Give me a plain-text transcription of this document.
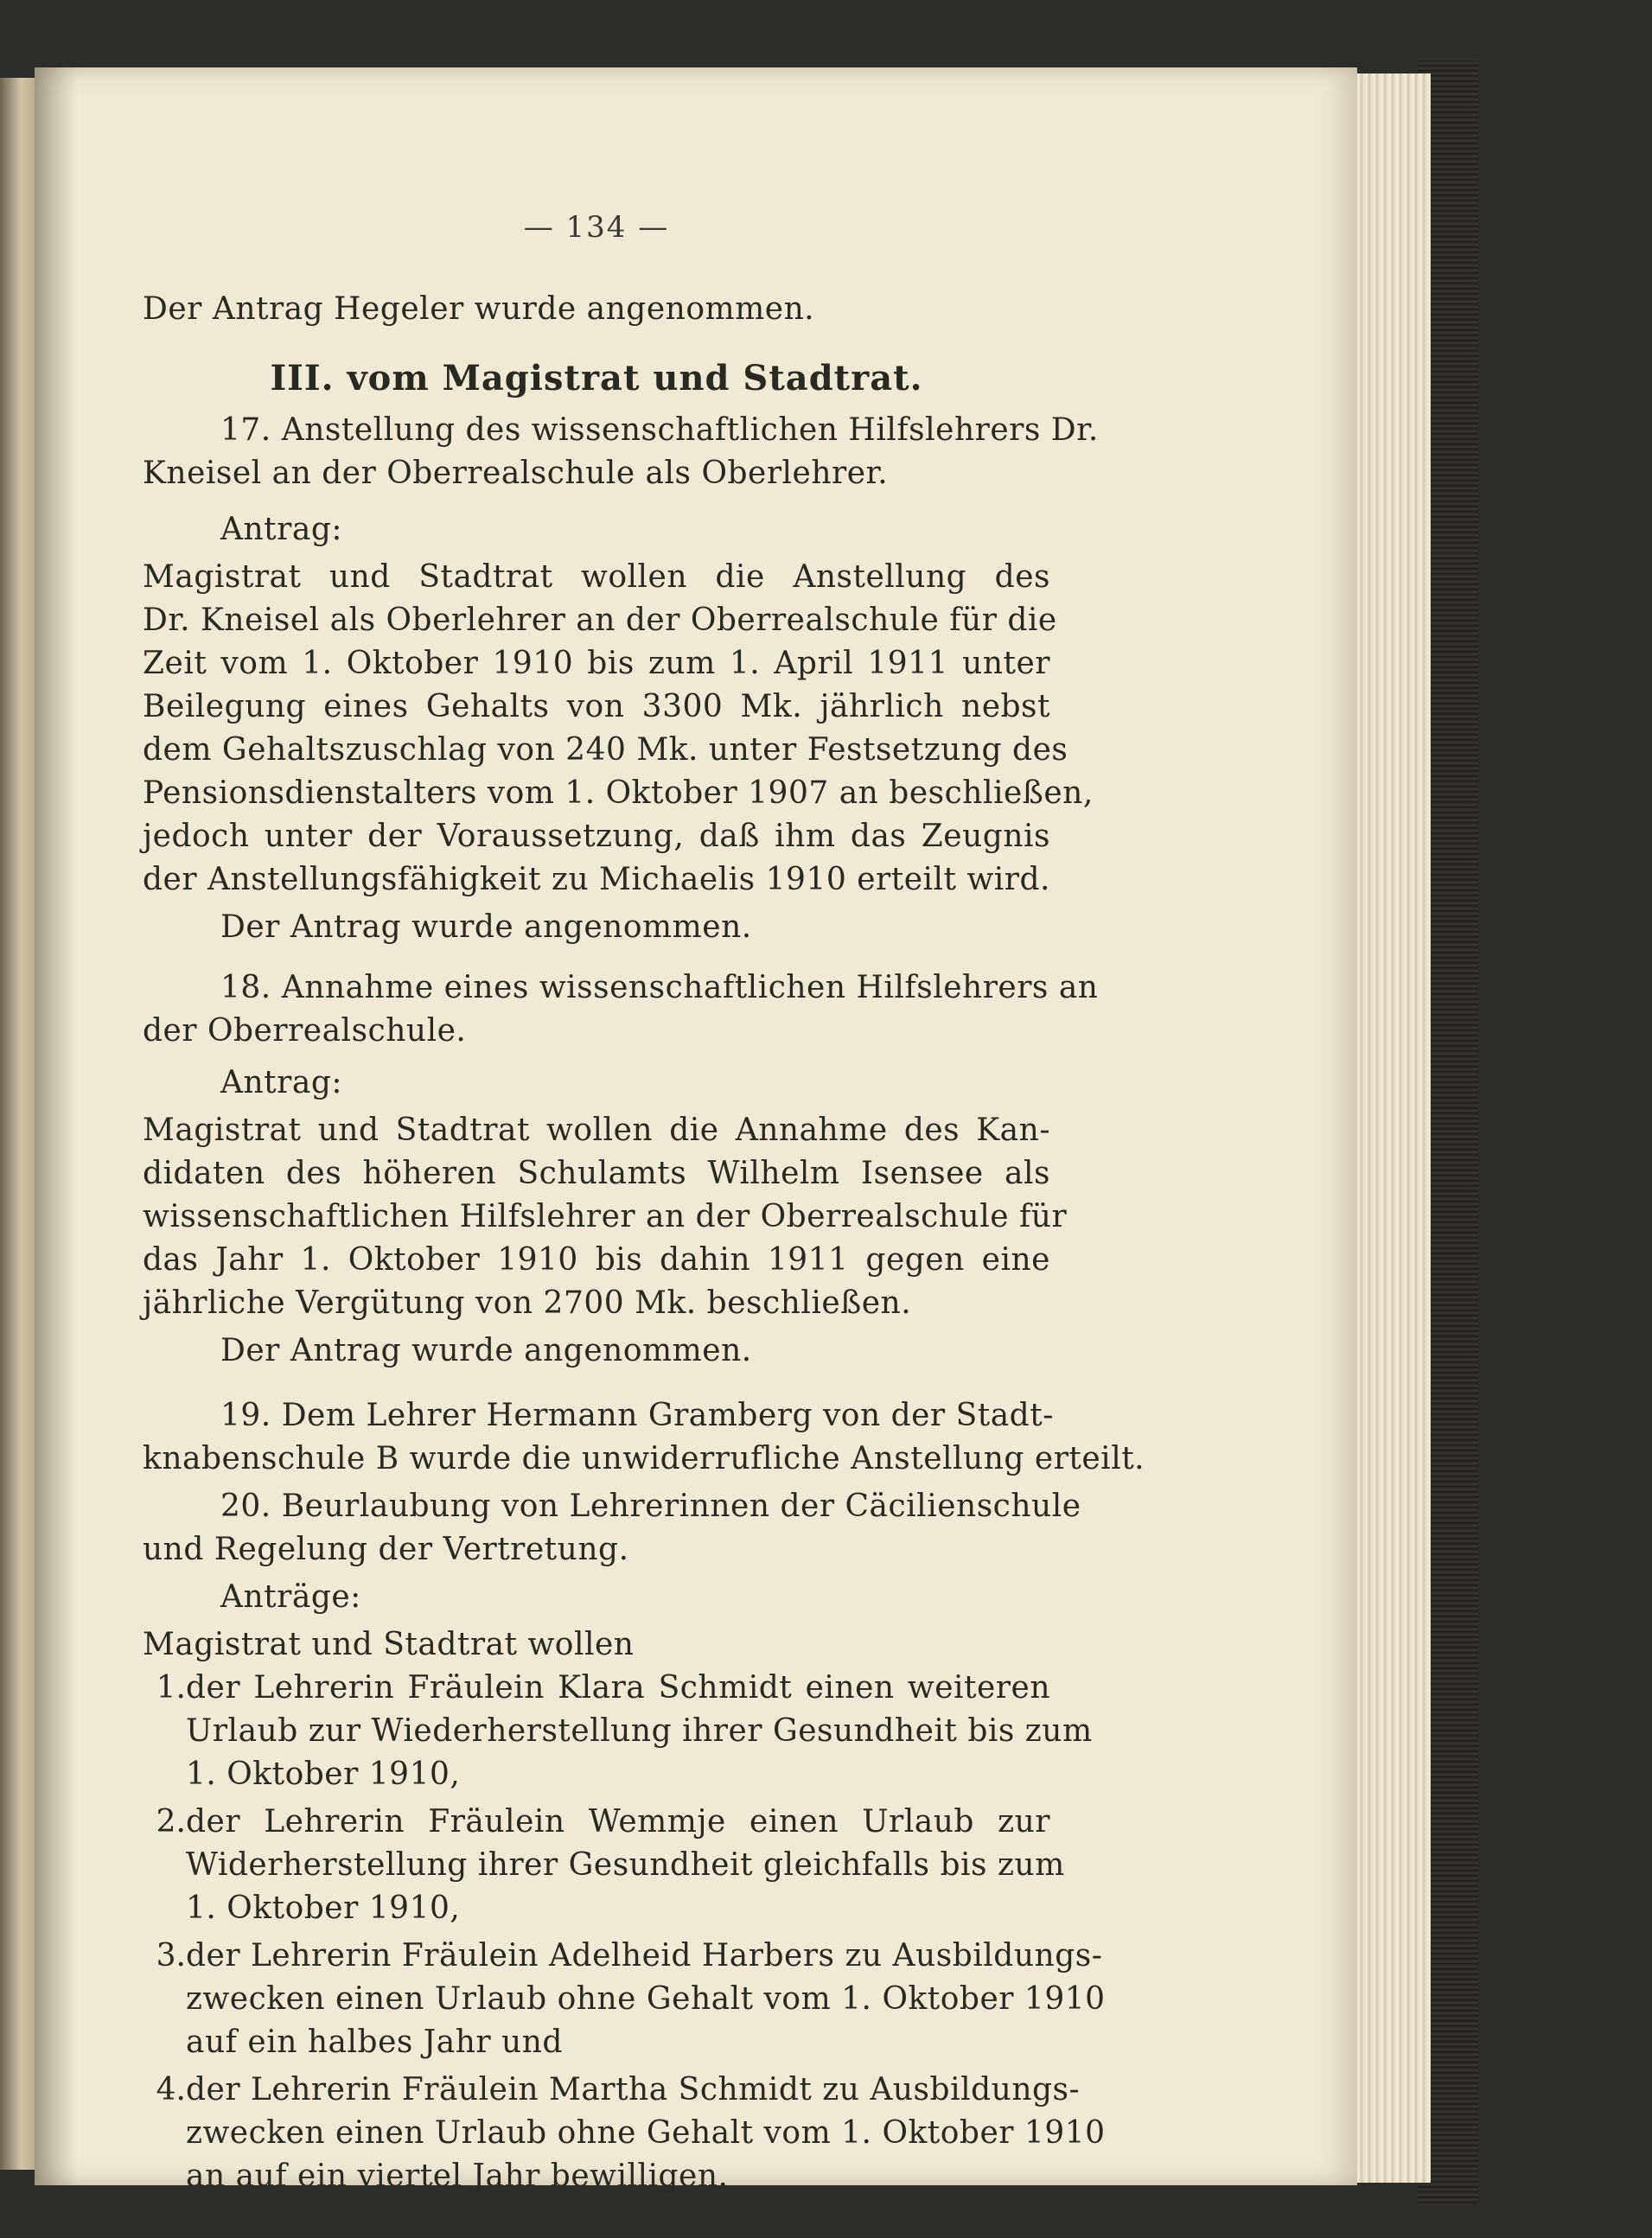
— 134 —
Der Antrag Hegeler wurde angenommen.
III. vom Magistrat und Stadtrat.
17. Anstellung des wissenschaftlichen Hilfslehrers Dr.
Kneisel an der Oberrealschule als Oberlehrer.
Antrag:
Magistrat und Stadtrat wollen die Anstellung des
Dr. Kneisel als Oberlehrer an der Oberrealschule für die
Zeit vom 1. Oktober 1910 bis zum 1. April 1911 unter
Beilegung eines Gehalts von 3300 Mk. jährlich nebst
dem Gehaltszuschlag von 240 Mk. unter Festsetzung des
Pensionsdienstalters vom 1. Oktober 1907 an beschließen,
jedoch unter der Voraussetzung, daß ihm das Zeugnis
der Anstellungsfähigkeit zu Michaelis 1910 erteilt wird.
Der Antrag wurde angenommen.
18. Annahme eines wissenschaftlichen Hilfslehrers an
der Oberrealschule.
Antrag:
Magistrat und Stadtrat wollen die Annahme des Kan-
didaten des höheren Schulamts Wilhelm Isensee als
wissenschaftlichen Hilfslehrer an der Oberrealschule für
das Jahr 1. Oktober 1910 bis dahin 1911 gegen eine
jährliche Vergütung von 2700 Mk. beschließen.
Der Antrag wurde angenommen.
19. Dem Lehrer Hermann Gramberg von der Stadt-
knabenschule B wurde die unwiderrufliche Anstellung erteilt.
20. Beurlaubung von Lehrerinnen der Cäcilienschule
und Regelung der Vertretung.
Anträge:
Magistrat und Stadtrat wollen
1. der Lehrerin Fräulein Klara Schmidt einen weiteren
Urlaub zur Wiederherstellung ihrer Gesundheit bis zum
1. Oktober 1910,
2. der Lehrerin Fräulein Wemmje einen Urlaub zur
Widerherstellung ihrer Gesundheit gleichfalls bis zum
1. Oktober 1910,
3. der Lehrerin Fräulein Adelheid Harbers zu Ausbildungs-
zwecken einen Urlaub ohne Gehalt vom 1. Oktober 1910
auf ein halbes Jahr und
4. der Lehrerin Fräulein Martha Schmidt zu Ausbildungs-
zwecken einen Urlaub ohne Gehalt vom 1. Oktober 1910
an auf ein viertel Jahr bewilligen.
